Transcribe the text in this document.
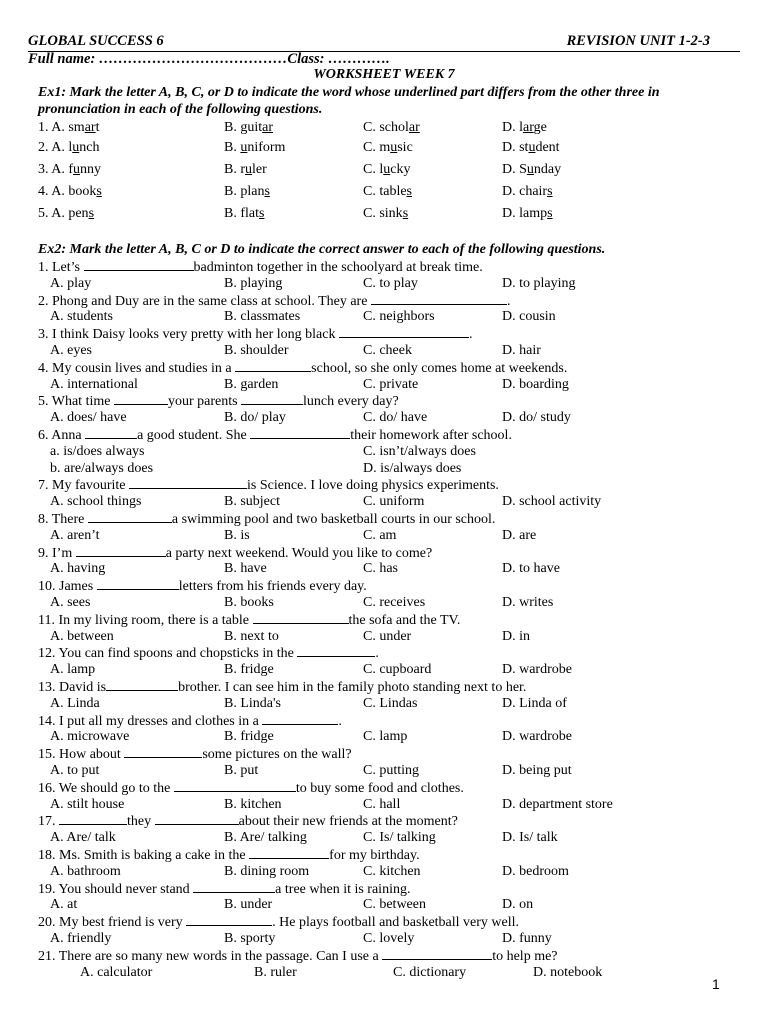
GLOBAL SUCCESS 6	REVISION UNIT 1-2-3
Full name: …………………………………Class: ………….
WORKSHEET WEEK 7
Ex1: Mark the letter A, B, C, or D to indicate the word whose underlined part differs from the other three in pronunciation in each of the following questions.
1. A. smart	B. guitar	C. scholar	D. large
2. A. lunch	B. uniform	C. music	D. student
3. A. funny	B. ruler	C. lucky	D. Sunday
4. A. books	B. plans	C. tables	D. chairs
5. A. pens	B. flats	C. sinks	D. lamps
Ex2: Mark the letter A, B, C or D to indicate the correct answer to each of the following questions.
1. Let’s	badminton together in the schoolyard at break time.
A. play	B. playing	C. to play	D. to playing
2. Phong and Duy are in the same class at school. They are	.
A. students	B. classmates	C. neighbors	D. cousin
3. I think Daisy looks very pretty with her long black	.
A. eyes	B. shoulder	C. cheek	D. hair
4. My cousin lives and studies in a	school, so she only comes home at weekends.
A. international	B. garden	C. private	D. boarding
5. What time	your parents	lunch every day?
A. does/ have	B. do/ play	C. do/ have	D. do/ study
6. Anna	a good student. She	their homework after school.
a. is/does always	C. isn’t/always does
b. are/always does	D. is/always does
7. My favourite	is Science. I love doing physics experiments.
A. school things	B. subject	C. uniform	D. school activity
8. There	a swimming pool and two basketball courts in our school.
A. aren’t	B. is	C. am	D. are
9. I’m	a party next weekend. Would you like to come?
A. having	B. have	C. has	D. to have
10. James	letters from his friends every day.
A. sees	B. books	C. receives	D. writes
11. In my living room, there is a table	the sofa and the TV.
A. between	B. next to	C. under	D. in
12. You can find spoons and chopsticks in the	.
A. lamp	B. fridge	C. cupboard	D. wardrobe
13. David is	brother. I can see him in the family photo standing next to her.
A. Linda	B. Linda's	C. Lindas	D. Linda of
14. I put all my dresses and clothes in a	.
A. microwave	B. fridge	C. lamp	D. wardrobe
15. How about	some pictures on the wall?
A. to put	B. put	C. putting	D. being put
16. We should go to the	to buy some food and clothes.
A. stilt house	B. kitchen	C. hall	D. department store
17.	they	about their new friends at the moment?
A. Are/ talk	B. Are/ talking	C. Is/ talking	D. Is/ talk
18. Ms. Smith is baking a cake in the	for my birthday.
A. bathroom	B. dining room	C. kitchen	D. bedroom
19. You should never stand	a tree when it is raining.
A. at	B. under	C. between	D. on
20. My best friend is very	. He plays football and basketball very well.
A. friendly	B. sporty	C. lovely	D. funny
21. There are so many new words in the passage. Can I use a	to help me?
A. calculator	B. ruler	C. dictionary	D. notebook
1
